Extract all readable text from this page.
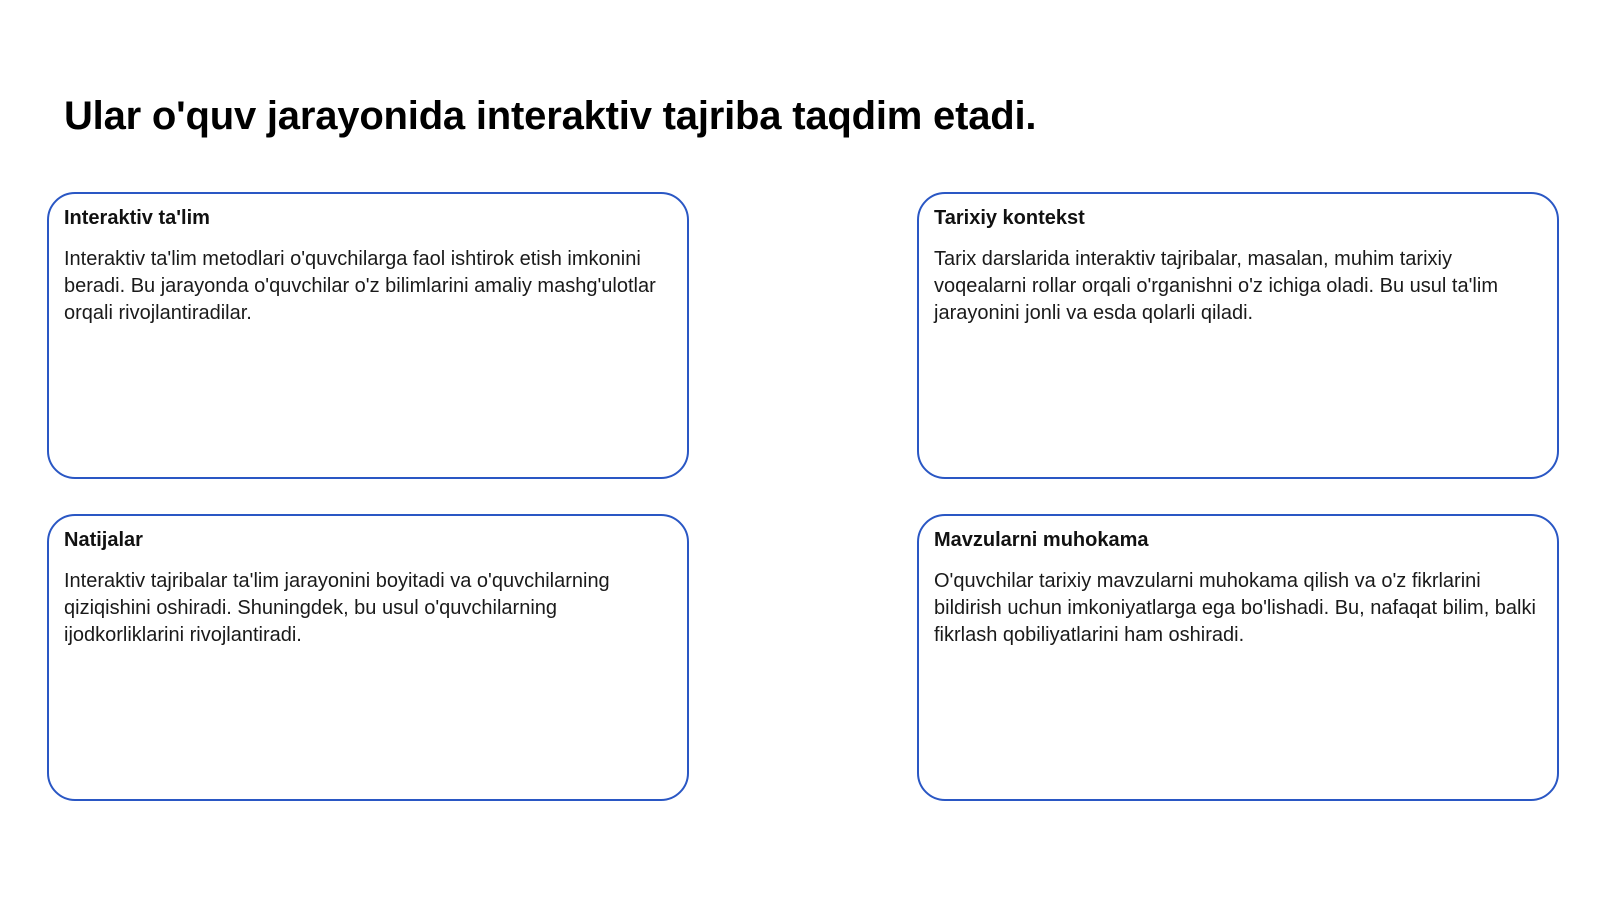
Ular o'quv jarayonida interaktiv tajriba taqdim etadi.
Interaktiv ta'lim

Interaktiv ta'lim metodlari o'quvchilarga faol ishtirok etish imkonini beradi. Bu jarayonda o'quvchilar o'z bilimlarini amaliy mashg'ulotlar orqali rivojlantiradilar.

Tarixiy kontekst

Tarix darslarida interaktiv tajribalar, masalan, muhim tarixiy voqealarni rollar orqali o'rganishni o'z ichiga oladi. Bu usul ta'lim jarayonini jonli va esda qolarli qiladi.

Natijalar

Interaktiv tajribalar ta'lim jarayonini boyitadi va o'quvchilarning qiziqishini oshiradi. Shuningdek, bu usul o'quvchilarning ijodkorliklarini rivojlantiradi.

Mavzularni muhokama

O'quvchilar tarixiy mavzularni muhokama qilish va o'z fikrlarini bildirish uchun imkoniyatlarga ega bo'lishadi. Bu, nafaqat bilim, balki fikrlash qobiliyatlarini ham oshiradi.
